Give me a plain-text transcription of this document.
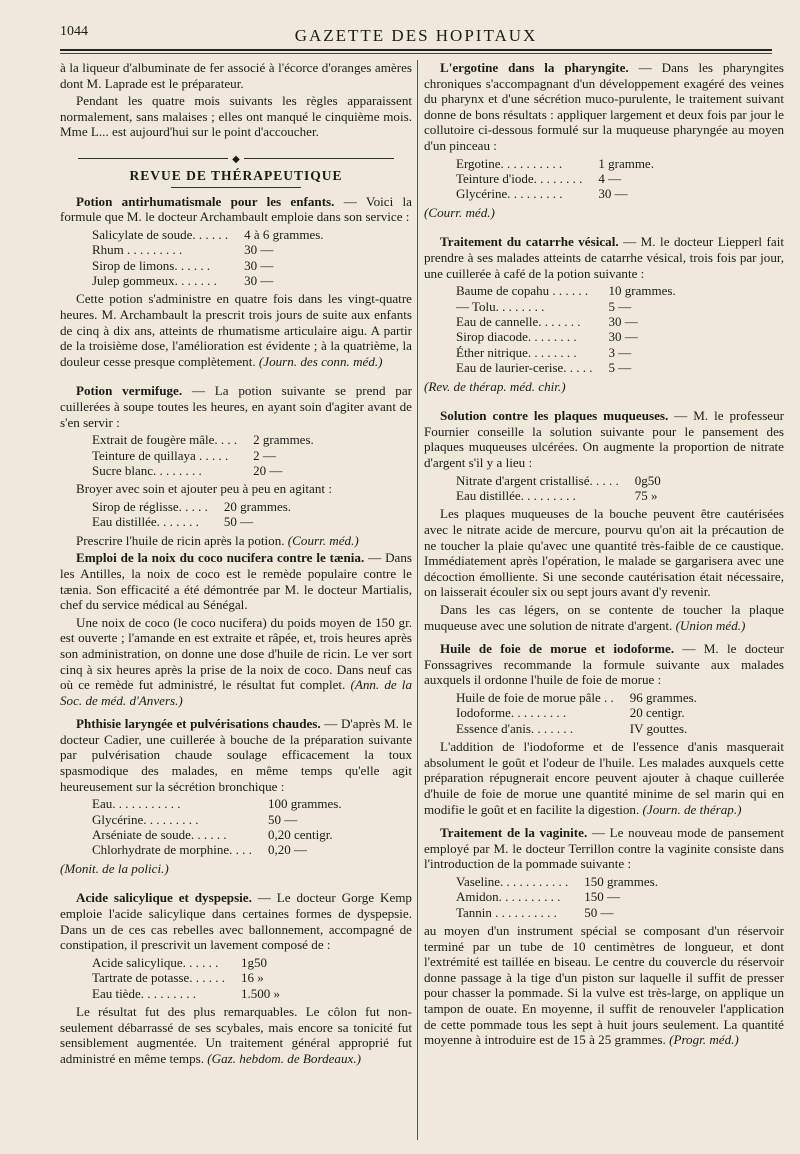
1044	GAZETTE DES HOPITAUX

à la liqueur d'albuminate de fer associé à l'écorce d'oranges amères dont M. Laprade est le préparateur.

Pendant les quatre mois suivants les règles apparaissent normalement, sans malaises ; elles ont manqué le cinquième mois. Mme L... est aujourd'hui sur le point d'accoucher.

◆
REVUE DE THÉRAPEUTIQUE

Potion antirhumatismale pour les enfants. — Voici la formule que M. le docteur Archambault emploie dans son service :

Salicylate de soude. . . . . .	4 à 6 grammes.
Rhum . . . . . . . . .	30 —
Sirop de limons. . . . . .	30 —
Julep gommeux. . . . . . .	30 —

Cette potion s'administre en quatre fois dans les vingt-quatre heures. M. Archambault la prescrit trois jours de suite aux enfants de cinq à dix ans, atteints de rhumatisme articulaire aigu. A partir de la troisième dose, l'amélioration est évidente ; à la quatrième, la douleur cesse presque complètement. (Journ. des conn. méd.)

Potion vermifuge. — La potion suivante se prend par cuillerées à soupe toutes les heures, en ayant soin d'agiter avant de s'en servir :

Extrait de fougère mâle. . . .	2 grammes.
Teinture de quillaya . . . . .	2 —
Sucre blanc. . . . . . . .	20 —

Broyer avec soin et ajouter peu à peu en agitant :

Sirop de réglisse. . . . .	20 grammes.
Eau distillée. . . . . . .	50 —

Prescrire l'huile de ricin après la potion. (Courr. méd.)

Emploi de la noix du coco nucifera contre le tænia. — Dans les Antilles, la noix de coco est le remède populaire contre le tænia. Son efficacité a été démontrée par M. le docteur Martialis, chef du service médical au Sénégal.

Une noix de coco (le coco nucifera) du poids moyen de 150 gr. est ouverte ; l'amande en est extraite et râpée, et, trois heures après son administration, on donne une dose d'huile de ricin. Le ver sort cinq à six heures après la prise de la noix de coco. Dans neuf cas où ce remède fut administré, le résultat fut complet. (Ann. de la Soc. de méd. d'Anvers.)

Phthisie laryngée et pulvérisations chaudes. — D'après M. le docteur Cadier, une cuillerée à bouche de la préparation suivante par pulvérisation chaude soulage efficacement la toux spasmodique des malades, en même temps qu'elle agit heureusement sur la sécrétion bronchique :

Eau. . . . . . . . . . .	100 grammes.
Glycérine. . . . . . . . .	50 —
Arséniate de soude. . . . . .	0,20 centigr.
Chlorhydrate de morphine. . . .	0,20 —

(Monit. de la polici.)

Acide salicylique et dyspepsie. — Le docteur Gorge Kemp emploie l'acide salicylique dans certaines formes de dyspepsie. Dans un de ces cas rebelles avec ballonnement, accompagné de constipation, il prescrivit un lavement composé de :

Acide salicylique. . . . . .	1g50
Tartrate de potasse. . . . . .	16 »
Eau tiède. . . . . . . . .	1.500 »

Le résultat fut des plus remarquables. Le côlon fut non-seulement débarrassé de ses scybales, mais encore sa tonicité fut sensiblement augmentée. Un traitement général approprié fut administré en même temps. (Gaz. hebdom. de Bordeaux.)

L'ergotine dans la pharyngite. — Dans les pharyngites chroniques s'accompagnant d'un développement exagéré des veines du pharynx et d'une sécrétion muco-purulente, le traitement suivant donne de bons résultats : appliquer largement et deux fois par jour le collutoire ci-dessous formulé sur la muqueuse pharyngée au moyen d'un pinceau :

Ergotine. . . . . . . . . .	1 gramme.
Teinture d'iode. . . . . . . .	4 —
Glycérine. . . . . . . . .	30 —

(Courr. méd.)

Traitement du catarrhe vésical. — M. le docteur Liepperl fait prendre à ses malades atteints de catarrhe vésical, trois fois par jour, une cuillerée à café de la potion suivante :

Baume de copahu . . . . . .	10 grammes.
— Tolu. . . . . . . .	5 —
Eau de cannelle. . . . . . .	30 —
Sirop diacode. . . . . . . .	30 —
Éther nitrique. . . . . . . .	3 —
Eau de laurier-cerise. . . . .	5 —

(Rev. de thérap. méd. chir.)

Solution contre les plaques muqueuses. — M. le professeur Fournier conseille la solution suivante pour le pansement des plaques muqueuses ulcérées. On augmente la proportion de nitrate d'argent s'il y a lieu :

Nitrate d'argent cristallisé. . . . .	0g50
Eau distillée. . . . . . . . .	75 »

Les plaques muqueuses de la bouche peuvent être cautérisées avec le nitrate acide de mercure, pourvu qu'on ait la précaution de ne toucher la plaie qu'avec une quantité très-faible de ce caustique. Immédiatement après l'opération, le malade se gargarisera avec une décoction émolliente. Si une seconde cautérisation était nécessaire, on laisserait écouler six ou sept jours avant d'y revenir.

Dans les cas légers, on se contente de toucher la plaque muqueuse avec une solution de nitrate d'argent. (Union méd.)

Huile de foie de morue et iodoforme. — M. le docteur Fonssagrives recommande la formule suivante aux malades auxquels il ordonne l'huile de foie de morue :

Huile de foie de morue pâle . .	96 grammes.
Iodoforme. . . . . . . . .	20 centigr.
Essence d'anis. . . . . . .	IV gouttes.

L'addition de l'iodoforme et de l'essence d'anis masquerait absolument le goût et l'odeur de l'huile. Les malades auxquels cette préparation répugnerait encore peuvent ajouter à chaque cuillerée d'huile de foie de morue une quantité minime de sel marin qui en modifie le goût et en facilite la digestion. (Journ. de thérap.)

Traitement de la vaginite. — Le nouveau mode de pansement employé par M. le docteur Terrillon contre la vaginite consiste dans l'introduction de la pommade suivante :

Vaseline. . . . . . . . . . .	150 grammes.
Amidon. . . . . . . . . .	150 —
Tannin . . . . . . . . . .	50 —

au moyen d'un instrument spécial se composant d'un réservoir terminé par un tube de 10 centimètres de longueur, et dont l'extrémité est taillée en biseau. Le centre du couvercle du réservoir donne passage à la tige d'un piston sur laquelle il suffit de presser pour chasser la pommade. Si la vulve est très-large, on applique un tampon de ouate. En moyenne, il suffit de renouveler l'application de cette pommade tous les sept à huit jours seulement. La quantité moyenne à introduire est de 15 à 25 grammes. (Progr. méd.)
